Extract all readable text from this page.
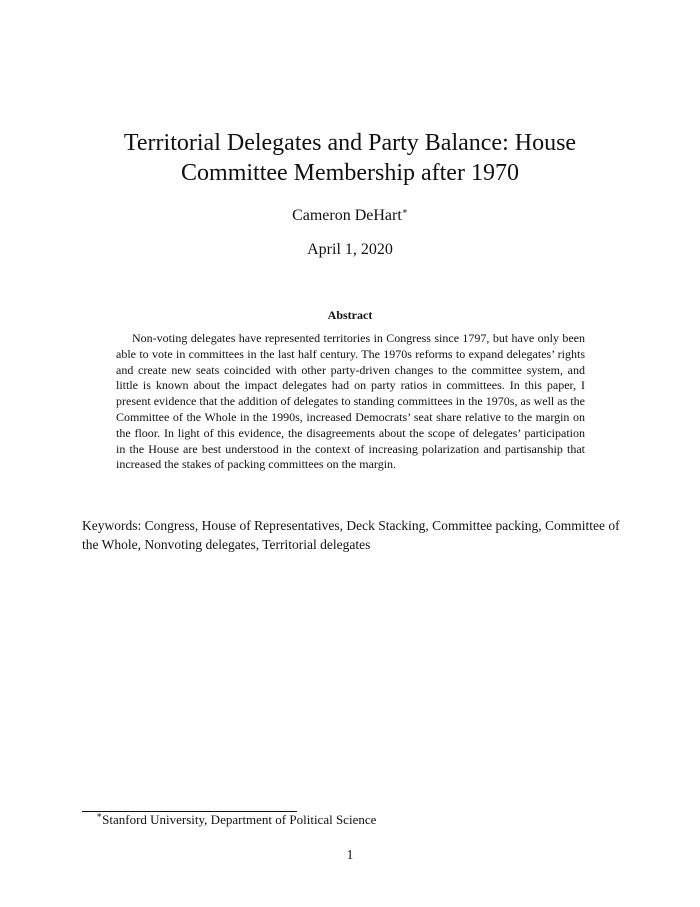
Territorial Delegates and Party Balance: House Committee Membership after 1970
Cameron DeHart∗
April 1, 2020
Abstract

Non-voting delegates have represented territories in Congress since 1797, but have only been able to vote in committees in the last half century. The 1970s reforms to expand delegates’ rights and create new seats coincided with other party-driven changes to the committee system, and little is known about the impact delegates had on party ratios in committees. In this paper, I present evidence that the addition of delegates to standing committees in the 1970s, as well as the Committee of the Whole in the 1990s, increased Democrats’ seat share relative to the margin on the floor. In light of this evidence, the disagreements about the scope of delegates’ participation in the House are best understood in the context of increasing polarization and partisanship that increased the stakes of packing committees on the margin.

Keywords: Congress, House of Representatives, Deck Stacking, Committee packing, Committee of the Whole, Nonvoting delegates, Territorial delegates

∗Stanford University, Department of Political Science
1
